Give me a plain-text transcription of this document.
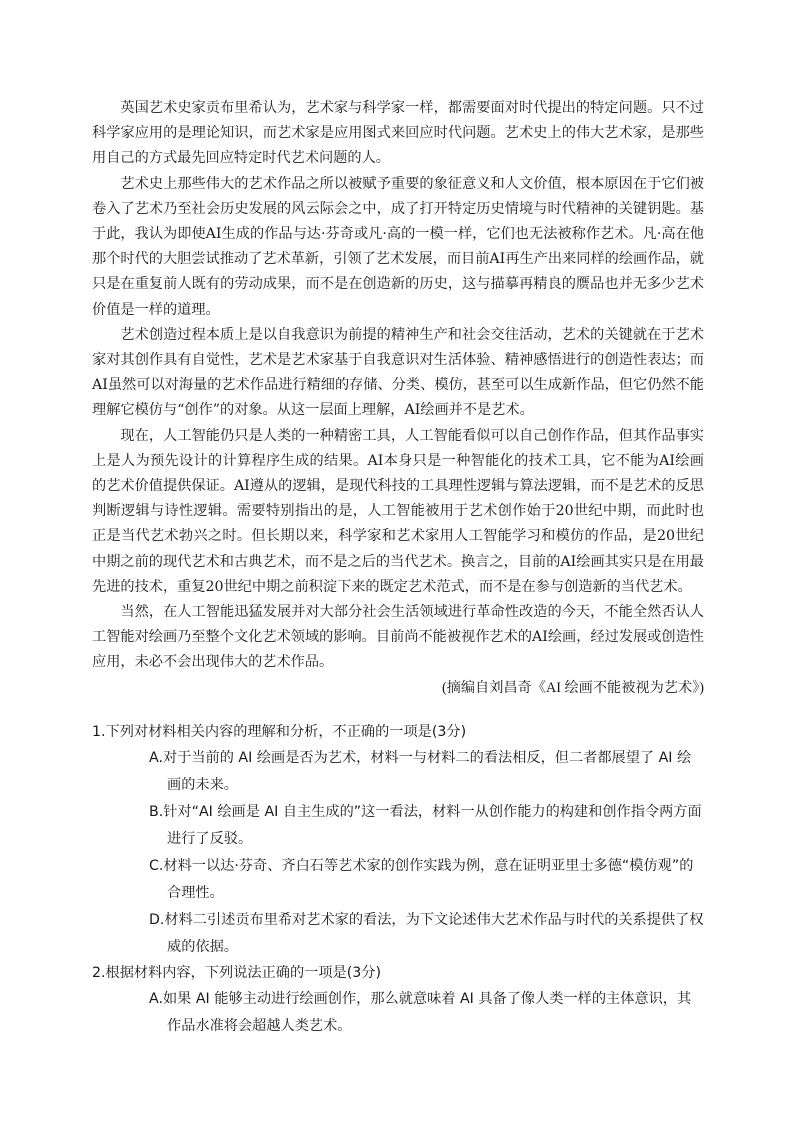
英国艺术史家贡布里希认为，艺术家与科学家一样，都需要面对时代提出的特定问题。只不过科学家应用的是理论知识，而艺术家是应用图式来回应时代问题。艺术史上的伟大艺术家，是那些用自己的方式最先回应特定时代艺术问题的人。

艺术史上那些伟大的艺术作品之所以被赋予重要的象征意义和人文价值，根本原因在于它们被卷入了艺术乃至社会历史发展的风云际会之中，成了打开特定历史情境与时代精神的关键钥匙。基于此，我认为即使AI生成的作品与达·芬奇或凡·高的一模一样，它们也无法被称作艺术。凡·高在他那个时代的大胆尝试推动了艺术革新，引领了艺术发展，而目前AI再生产出来同样的绘画作品，就只是在重复前人既有的劳动成果，而不是在创造新的历史，这与描摹再精良的赝品也并无多少艺术价值是一样的道理。

艺术创造过程本质上是以自我意识为前提的精神生产和社会交往活动，艺术的关键就在于艺术家对其创作具有自觉性，艺术是艺术家基于自我意识对生活体验、精神感悟进行的创造性表达；而AI虽然可以对海量的艺术作品进行精细的存储、分类、模仿，甚至可以生成新作品，但它仍然不能理解它模仿与“创作”的对象。从这一层面上理解，AI绘画并不是艺术。

现在，人工智能仍只是人类的一种精密工具，人工智能看似可以自己创作作品，但其作品事实上是人为预先设计的计算程序生成的结果。AI本身只是一种智能化的技术工具，它不能为AI绘画的艺术价值提供保证。AI遵从的逻辑，是现代科技的工具理性逻辑与算法逻辑，而不是艺术的反思判断逻辑与诗性逻辑。需要特别指出的是，人工智能被用于艺术创作始于20世纪中期，而此时也正是当代艺术勃兴之时。但长期以来，科学家和艺术家用人工智能学习和模仿的作品，是20世纪中期之前的现代艺术和古典艺术，而不是之后的当代艺术。换言之，目前的AI绘画其实只是在用最先进的技术，重复20世纪中期之前积淀下来的既定艺术范式，而不是在参与创造新的当代艺术。

当然，在人工智能迅猛发展并对大部分社会生活领域进行革命性改造的今天，不能全然否认人工智能对绘画乃至整个文化艺术领域的影响。目前尚不能被视作艺术的AI绘画，经过发展或创造性应用，未必不会出现伟大的艺术作品。

(摘编自刘昌奇《AI 绘画不能被视为艺术》)

1.下列对材料相关内容的理解和分析，不正确的一项是(3分)

A.对于当前的 AI 绘画是否为艺术，材料一与材料二的看法相反，但二者都展望了 AI 绘画的未来。

B.针对“AI 绘画是 AI 自主生成的”这一看法，材料一从创作能力的构建和创作指令两方面进行了反驳。

C.材料一以达·芬奇、齐白石等艺术家的创作实践为例，意在证明亚里士多德“模仿观”的合理性。

D.材料二引述贡布里希对艺术家的看法，为下文论述伟大艺术作品与时代的关系提供了权威的依据。

2.根据材料内容，下列说法正确的一项是(3分)

A.如果 AI 能够主动进行绘画创作，那么就意味着 AI 具备了像人类一样的主体意识，其作品水准将会超越人类艺术。
